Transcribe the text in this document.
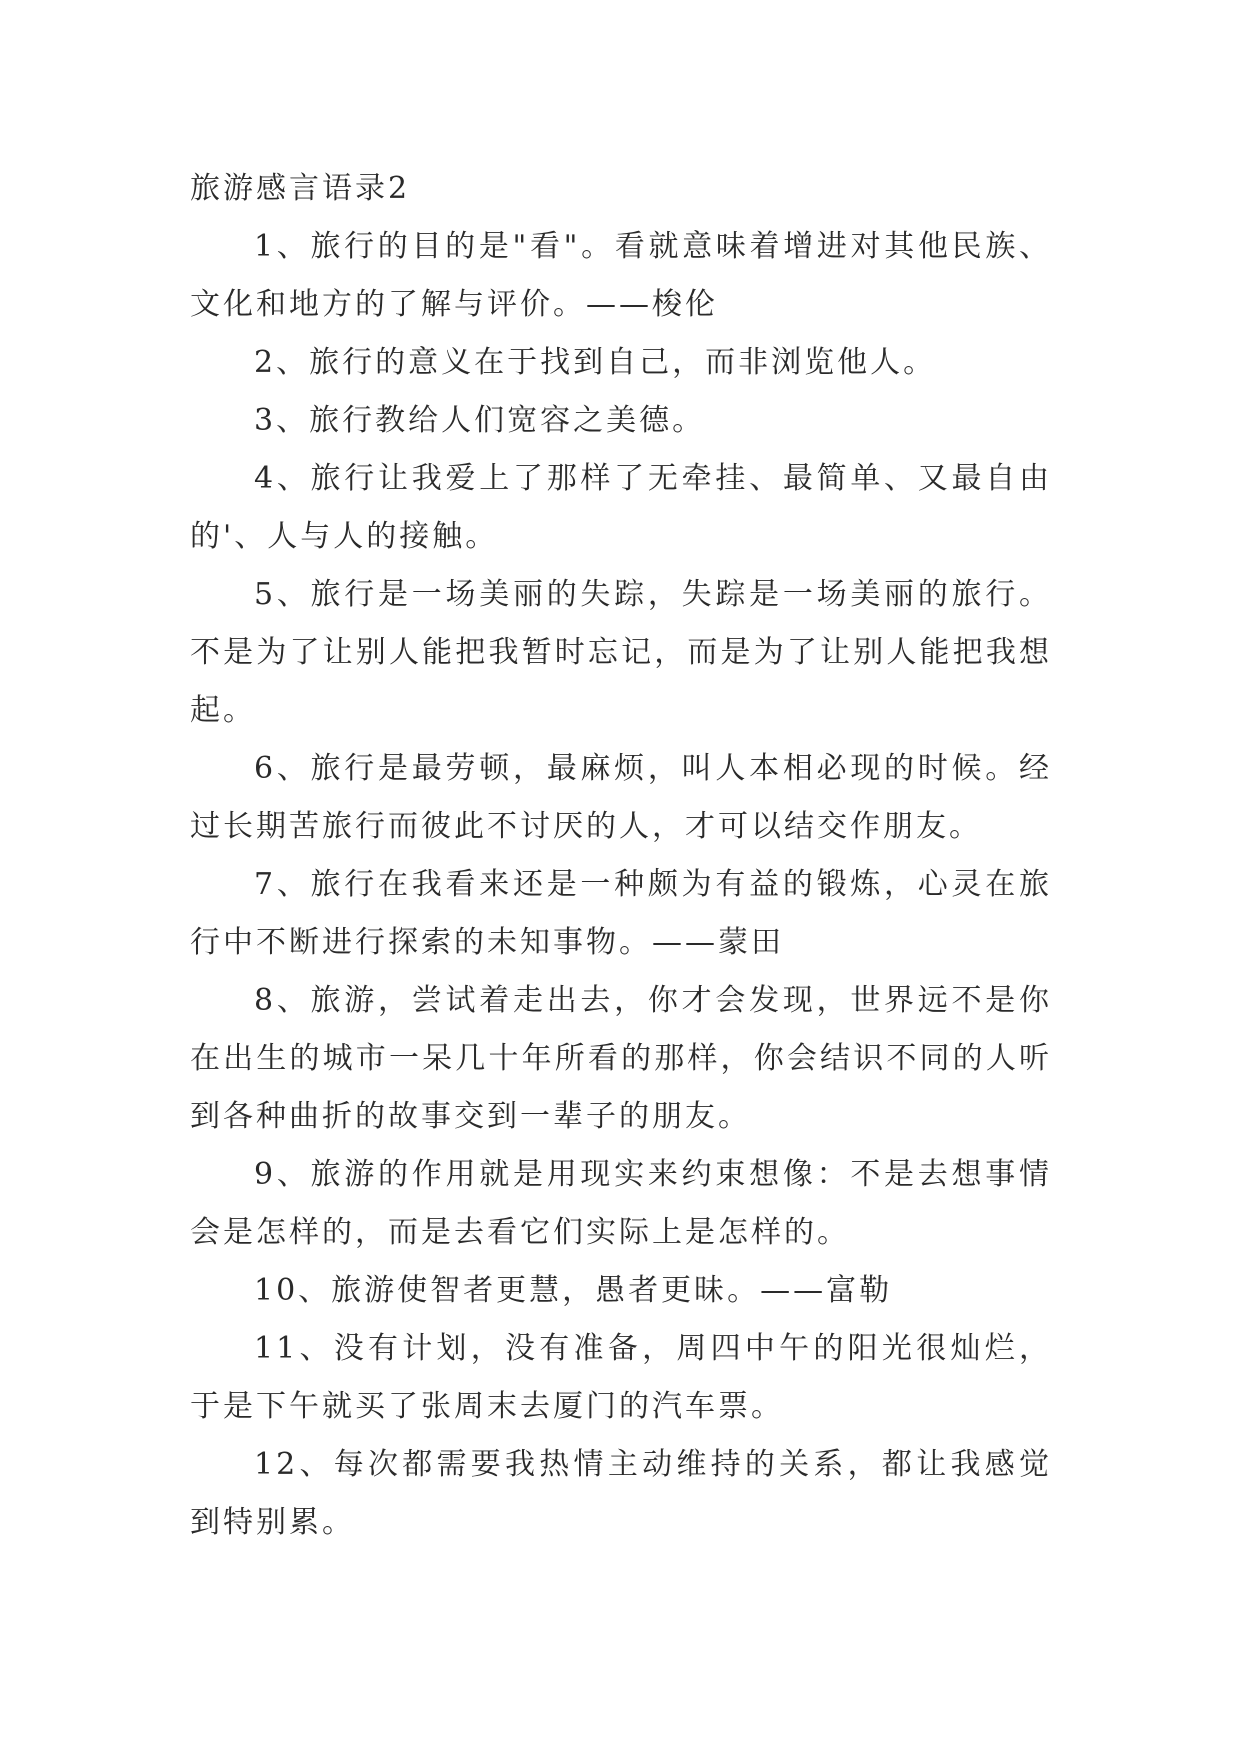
旅游感言语录2

1、旅行的目的是"看"。看就意味着增进对其他民族、文化和地方的了解与评价。——梭伦

2、旅行的意义在于找到自己，而非浏览他人。

3、旅行教给人们宽容之美德。

4、旅行让我爱上了那样了无牵挂、最简单、又最自由的'、人与人的接触。

5、旅行是一场美丽的失踪，失踪是一场美丽的旅行。不是为了让别人能把我暂时忘记，而是为了让别人能把我想起。

6、旅行是最劳顿，最麻烦，叫人本相必现的时候。经过长期苦旅行而彼此不讨厌的人，才可以结交作朋友。

7、旅行在我看来还是一种颇为有益的锻炼，心灵在旅行中不断进行探索的未知事物。——蒙田

8、旅游，尝试着走出去，你才会发现，世界远不是你在出生的城市一呆几十年所看的那样，你会结识不同的人听到各种曲折的故事交到一辈子的朋友。

9、旅游的作用就是用现实来约束想像：不是去想事情会是怎样的，而是去看它们实际上是怎样的。

10、旅游使智者更慧，愚者更昧。——富勒

11、没有计划，没有准备，周四中午的阳光很灿烂，于是下午就买了张周末去厦门的汽车票。

12、每次都需要我热情主动维持的关系，都让我感觉到特别累。
